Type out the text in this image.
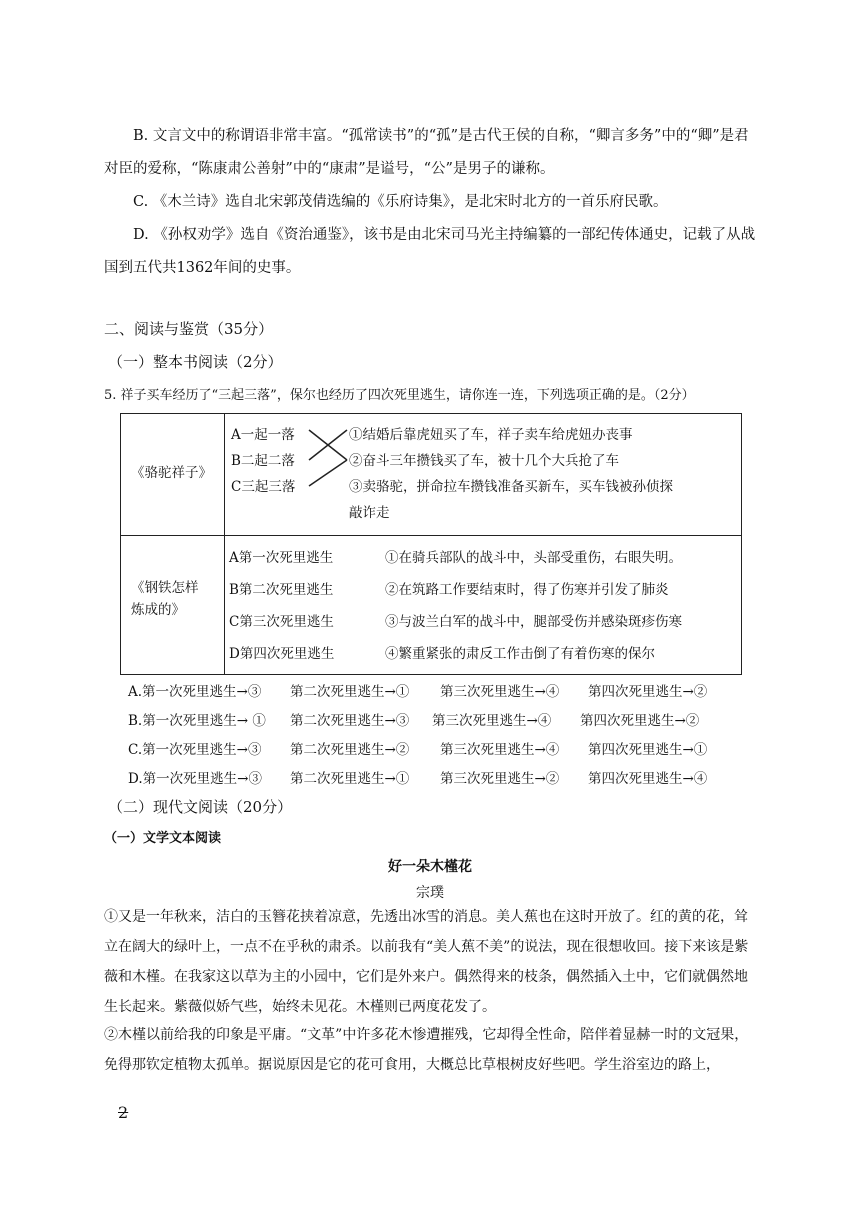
B. 文言文中的称谓语非常丰富。“孤常读书”的“孤”是古代王侯的自称，“卿言多务”中的“卿”是君对臣的爱称，“陈康肃公善射”中的“康肃”是谥号，“公”是男子的谦称。
C. 《木兰诗》选自北宋郭茂倩选编的《乐府诗集》，是北宋时北方的一首乐府民歌。
D. 《孙权劝学》选自《资治通鉴》，该书是由北宋司马光主持编纂的一部纪传体通史，记载了从战国到五代共1362年间的史事。
二、阅读与鉴赏（35分）
（一）整本书阅读（2分）
5. 祥子买车经历了“三起三落”，保尔也经历了四次死里逃生，请你连一连，下列选项正确的是。（2分）
《骆驼祥子》
A一起一落
B二起二落
C三起三落
①结婚后靠虎妞买了车，祥子卖车给虎妞办丧事
②奋斗三年攒钱买了车，被十几个大兵抢了车
③卖骆驼，拼命拉车攒钱准备买新车，买车钱被孙侦探
敲诈走
《钢铁怎样
炼成的》
A第一次死里逃生
B第二次死里逃生
C第三次死里逃生
D第四次死里逃生
①在骑兵部队的战斗中，头部受重伤，右眼失明。
②在筑路工作要结束时，得了伤寒并引发了肺炎
③与波兰白军的战斗中，腿部受伤并感染斑疹伤寒
④繁重紧张的肃反工作击倒了有着伤寒的保尔
A.第一次死里逃生→③ 第二次死里逃生→① 第三次死里逃生→④ 第四次死里逃生→②
B.第一次死里逃生→ ① 第二次死里逃生→③ 第三次死里逃生→④ 第四次死里逃生→②
C.第一次死里逃生→③ 第二次死里逃生→② 第三次死里逃生→④ 第四次死里逃生→①
D.第一次死里逃生→③ 第二次死里逃生→① 第三次死里逃生→② 第四次死里逃生→④
（二）现代文阅读（20分）
（一）文学文本阅读
好一朵木槿花
宗璞
①又是一年秋来，洁白的玉簪花挟着凉意，先透出冰雪的消息。美人蕉也在这时开放了。红的黄的花，耸立在阔大的绿叶上，一点不在乎秋的肃杀。以前我有“美人蕉不美”的说法，现在很想收回。接下来该是紫薇和木槿。在我家这以草为主的小园中，它们是外来户。偶然得来的枝条，偶然插入土中，它们就偶然地生长起来。紫薇似娇气些，始终未见花。木槿则已两度花发了。
②木槿以前给我的印象是平庸。“文革”中许多花木惨遭摧残，它却得全性命，陪伴着显赫一时的文冠果，免得那钦定植物太孤单。据说原因是它的花可食用，大概总比草根树皮好些吧。学生浴室边的路上，
2
